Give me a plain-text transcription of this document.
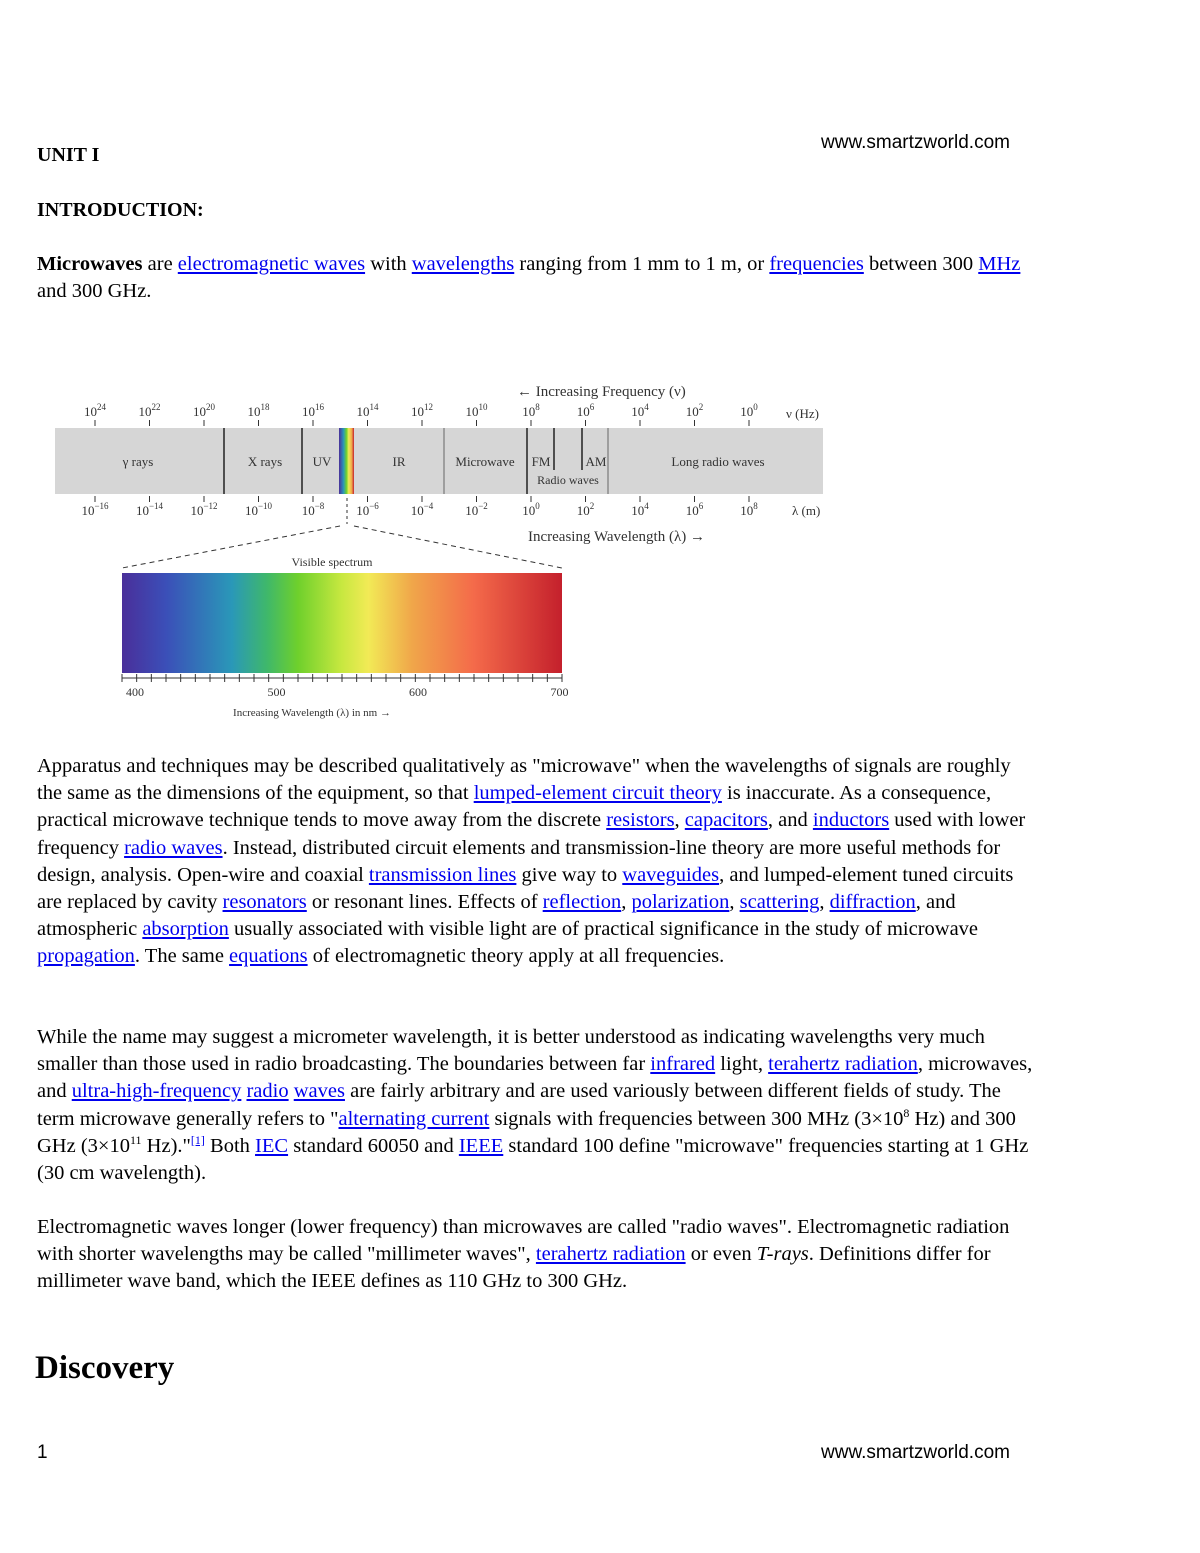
www.smartzworld.com
UNIT I
INTRODUCTION:

Microwaves are electromagnetic waves with wavelengths ranging from 1 mm to 1 m, or frequencies between 300 MHz and 300 GHz.

← Increasing Frequency (ν)
$10^{24}$	$10^{22}$	$10^{20}$	$10^{18}$	$10^{16}$	$10^{14}$	$10^{12}$	$10^{10}$	$10^8$	$10^6$	$10^4$	$10^2$	$10^0$ ν (Hz)
γ rays	X rays UV	IR	Microwave FM	AM
Radio waves
Long radio waves
$10^{-16}$ $10^{-14}$ $10^{-12}$ $10^{-10}$ $10^{-8}$ $10^{-6}$ $10^{-4}$ $10^{-2}$	$10^0$	$10^2$	$10^4$	$10^6$	$10^8$	λ (m)
Increasing Wavelength (λ) →
Visible spectrum
400	500	600	700
Increasing Wavelength (λ) in nm →

Apparatus and techniques may be described qualitatively as "microwave" when the wavelengths of signals are roughly the same as the dimensions of the equipment, so that lumped-element circuit theory is inaccurate. As a consequence, practical microwave technique tends to move away from the discrete resistors, capacitors, and inductors used with lower frequency radio waves. Instead, distributed circuit elements and transmission-line theory are more useful methods for design, analysis. Open-wire and coaxial transmission lines give way to waveguides, and lumped-element tuned circuits are replaced by cavity resonators or resonant lines. Effects of reflection, polarization, scattering, diffraction, and atmospheric absorption usually associated with visible light are of practical significance in the study of microwave propagation. The same equations of electromagnetic theory apply at all frequencies.

While the name may suggest a micrometer wavelength, it is better understood as indicating wavelengths very much smaller than those used in radio broadcasting. The boundaries between far infrared light, terahertz radiation, microwaves, and ultra-high-frequency radio waves are fairly arbitrary and are used variously between different fields of study. The term microwave generally refers to "alternating current signals with frequencies between 300 MHz ($3\times 10^8$ Hz) and 300 GHz ($3\times 10^{11}$ Hz)."[1] Both IEC standard 60050 and IEEE standard 100 define "microwave" frequencies starting at 1 GHz (30 cm wavelength).

Electromagnetic waves longer (lower frequency) than microwaves are called "radio waves". Electromagnetic radiation with shorter wavelengths may be called "millimeter waves", terahertz radiation or even T-rays. Definitions differ for millimeter wave band, which the IEEE defines as 110 GHz to 300 GHz.

Discovery
1	www.smartzworld.com
